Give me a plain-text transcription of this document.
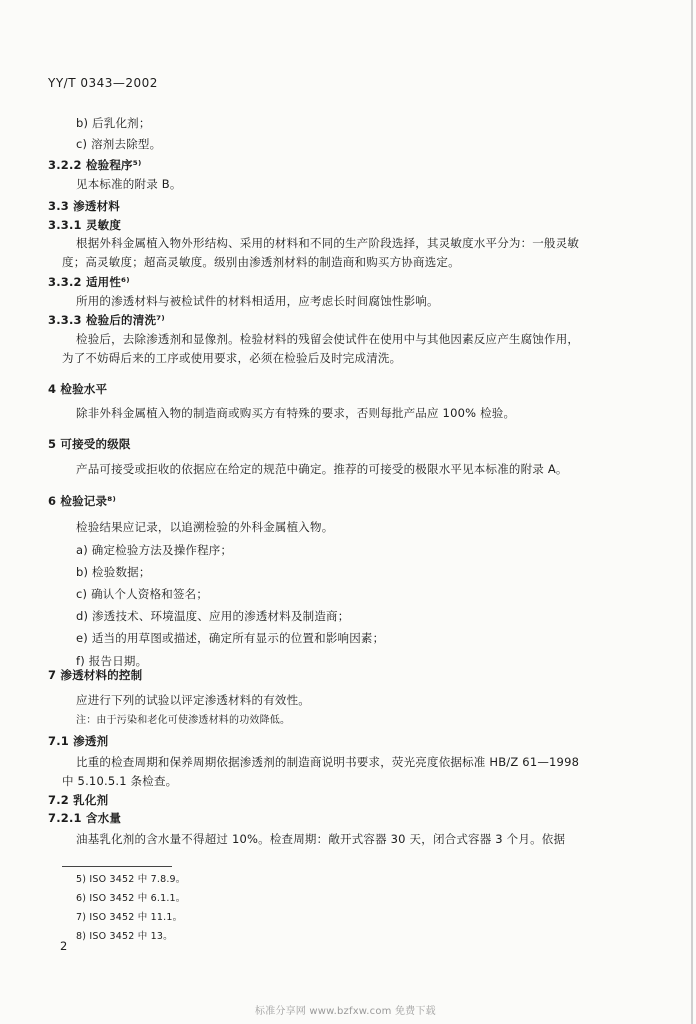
YY/T 0343—2002
b) 后乳化剂；
c) 溶剂去除型。
3.2.2 检验程序⁵⁾
见本标准的附录 B。
3.3 渗透材料
3.3.1 灵敏度
根据外科金属植入物外形结构、采用的材料和不同的生产阶段选择，其灵敏度水平分为：一般灵敏
度；高灵敏度；超高灵敏度。级别由渗透剂材料的制造商和购买方协商选定。
3.3.2 适用性⁶⁾
所用的渗透材料与被检试件的材料相适用，应考虑长时间腐蚀性影响。
3.3.3 检验后的清洗⁷⁾
检验后，去除渗透剂和显像剂。检验材料的残留会使试件在使用中与其他因素反应产生腐蚀作用，
为了不妨碍后来的工序或使用要求，必须在检验后及时完成清洗。
4 检验水平
除非外科金属植入物的制造商或购买方有特殊的要求，否则每批产品应 100% 检验。
5 可接受的级限
产品可接受或拒收的依据应在给定的规范中确定。推荐的可接受的极限水平见本标准的附录 A。
6 检验记录⁸⁾
检验结果应记录，以追溯检验的外科金属植入物。
a) 确定检验方法及操作程序；
b) 检验数据；
c) 确认个人资格和签名；
d) 渗透技术、环境温度、应用的渗透材料及制造商；
e) 适当的用草图或描述，确定所有显示的位置和影响因素；
f) 报告日期。
7 渗透材料的控制
应进行下列的试验以评定渗透材料的有效性。
注：由于污染和老化可使渗透材料的功效降低。
7.1 渗透剂
比重的检查周期和保养周期依据渗透剂的制造商说明书要求，荧光亮度依据标准 HB/Z 61—1998
中 5.10.5.1 条检查。
7.2 乳化剂
7.2.1 含水量
油基乳化剂的含水量不得超过 10%。检查周期：敞开式容器 30 天，闭合式容器 3 个月。依据
5) ISO 3452 中 7.8.9。
6) ISO 3452 中 6.1.1。
7) ISO 3452 中 11.1。
8) ISO 3452 中 13。
2
标准分享网 www.bzfxw.com 免费下载
